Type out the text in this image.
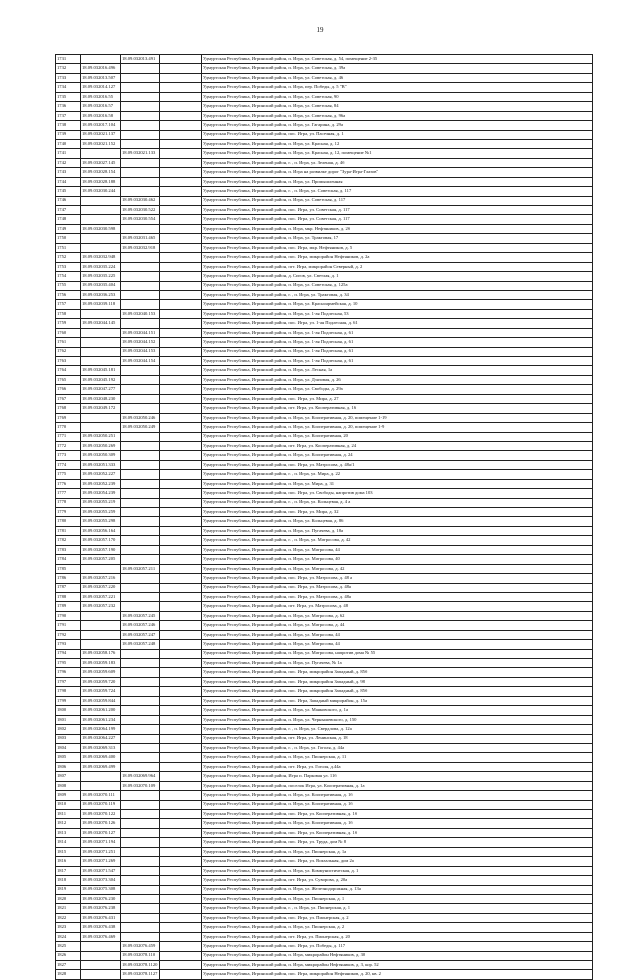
19
1731		18.09.032013.491		Удмуртская Республика, Игринский район, п. Игра, ул. Советская, д. 54, помещение 2-35
1732	18.09.032016.496			Удмуртская Республика, Игринский район, п. Игра, ул. Советская, д. 39а
1733	18.09.032013.507			Удмуртская Республика, Игринский район, п. Игра, ул. Советская, д. 46
1734	18.09.032014.127			Удмуртская Республика, Игринский район, п. Игра, пер. Победы, д. 5 "В"
1735	18.09.032016.55			Удмуртская Республика, Игринский район, п. Игра, ул. Советская, 90
1736	18.09.032016.57			Удмуртская Республика, Игринский район, п. Игра, ул. Советская, 84
1737	18.09.032016.58			Удмуртская Республика, Игринский район, п. Игра, ул. Советская, д. 96а
1738	18.09.032017.104			Удмуртская Республика, Игринский район, п. Игра, ул. Гагарина, д. 29а
1739	18.09.032021.137			Удмуртская Республика, Игринский район, пос. Игра, ул. Пасечная, д. 1
1740	18.09.032021.152			Удмуртская Республика, Игринский район, п. Игра, ул. Красная, д. 12
1741		18.09.032021.133		Удмуртская Республика, Игринский район, п. Игра, ул. Красная, д. 12, помещение №1
1742	18.09.032027.145			Удмуртская Республика, Игринский район, г. , п. Игра, ул. Зеленая, д. 4б
1743	18.09.032028.154			Удмуртская Республика, Игринский район, п. Игра на развилке дорог "Зура-Игра-Глазов"
1744	18.09.032028.188			Удмуртская Республика, Игринский район, п. Игра, ул. Промышленная
1745	18.09.032030.244			Удмуртская Республика, Игринский район, г. , п. Игра, ул. Советская, д. 117
1746		18.09.032030.462		Удмуртская Республика, Игринский район, п. Игра, ул. Советская, д. 117
1747		18.09.032030.522		Удмуртская Республика, Игринский район, пос. Игра, ул. Советская, д. 117
1748		18.09.032030.554		Удмуртская Республика, Игринский район, пос. Игра, ул. Советская, д. 117
1749	18.09.032030.598			Удмуртская Республика, Игринский район, п. Игра, мкр. Нефтяников, д. 2б
1750		18.09.032031.465		Удмуртская Республика, Игринский район, п. Игра, ул. Трактовая, 17
1751		18.09.032032.918		Удмуртская Республика, Игринский район, пос. Игра, мкр. Нефтяников, д. 5
1752	18.09.032032.948			Удмуртская Республика, Игринский район, пос. Игра, микрорайон Нефтяников, д. 2а
1753	18.09.032035.224			Удмуртская Республика, Игринский район, пгт. Игра, микрорайон Северный, д. 2
1754	18.09.032035.225			Удмуртская Республика, Игринский район, д. Сигов, ул. Светлая, д. 1
1755	18.09.032035.404			Удмуртская Республика, Игринский район, п. Игра, ул. Советская, д. 125а
1756	18.09.032036.253			Удмуртская Республика, Игринский район, г. , п. Игра, ул. Трактовая, д. 34
1757	18.09.032039.118			Удмуртская Республика, Игринский район, п. Игра, ул. Красноармейская, д. 10
1758		18.09.032040.153		Удмуртская Республика, Игринский район, п. Игра, ул. 1-ая Подлесная, 53
1759	18.09.032044.145			Удмуртская Республика, Игринский район, пос. Игра, ул. 1-ая Подлесная, д. 61
1760		18.09.032044.151		Удмуртская Республика, Игринский район, п. Игра, ул. 1-ая Подлесная, д. 61
1761		18.09.032044.152		Удмуртская Республика, Игринский район, п. Игра, ул. 1-ая Подлесная, д. 61
1762		18.09.032044.153		Удмуртская Республика, Игринский район, п. Игра, ул. 1-ая Подлесная, д. 61
1763		18.09.032044.154		Удмуртская Республика, Игринский район, п. Игра, ул. 1-ая Подлесная, д. 61
1764	18.09.032045.181			Удмуртская Республика, Игринский район, п. Игра, ул. Лесная, 1а
1765	18.09.032045.192			Удмуртская Республика, Игринский район, п. Игра, ул. Дзязовая, д. 26
1766	18.09.032047.277			Удмуртская Республика, Игринский район, п. Игра, ул. Свободы, д. 29а
1767	18.09.032048.230			Удмуртская Республика, Игринский район, пос. Игра, ул. Мира, д. 27
1768	18.09.032049.172			Удмуртская Республика, Игринский район, пгт. Игра, ул. Кооперативная, д. 16
1769		18.09.032050.246		Удмуртская Республика, Игринский район, п. Игра, ул. Кооперативная, д. 20, помещение 1-19
1770		18.09.032050.249		Удмуртская Республика, Игринский район, п. Игра, ул. Кооперативная, д. 20, помещение 1-9
1771	18.09.032050.251			Удмуртская Республика, Игринский район, п. Игра, ул. Кооперативная, 20
1772	18.09.032050.269			Удмуртская Республика, Игринский район, пгт. Игра, ул. Кооперативная, д. 24
1773	18.09.032050.309			Удмуртская Республика, Игринский район, п. Игра, ул. Кооперативная, д. 24
1774	18.09.032051.333			Удмуртская Республика, Игринский район, пос. Игра, ул. Матросова, д. 48а/1
1775	18.09.032052.227			Удмуртская Республика, Игринский район, г. , п. Игра, ул. Мира, д. 22
1776	18.09.032052.239			Удмуртская Республика, Игринский район, п. Игра, ул. Мира, д. 31
1777	18.09.032054.239			Удмуртская Республика, Игринский район, пос. Игра, ул. Свободы, напротив дома 103
1778	18.09.032055.219			Удмуртская Республика, Игринский район, г. , п. Игра, ул. Кольцевая, д. 4 а
1779	18.09.032055.259			Удмуртская Республика, Игринский район, пос. Игра, ул. Мира, д. 32
1780	18.09.032055.298			Удмуртская Республика, Игринский район, п. Игра, ул. Кольцевая, д. 86
1781	18.09.032056.164			Удмуртская Республика, Игринский район, п. Игра, ул. Пугачева, д. 18а
1782	18.09.032057.170			Удмуртская Республика, Игринский район, г. , п. Игра, ул. Матросова, д. 42
1783	18.09.032057.190			Удмуртская Республика, Игринский район, п. Игра, ул. Матросова, 44
1784	18.09.032057.205			Удмуртская Республика, Игринский район, п. Игра, ул. Матросова, 40
1785		18.09.032057.211		Удмуртская Республика, Игринский район, п. Игра, ул. Матросова, д. 42
1786	18.09.032057.216			Удмуртская Республика, Игринский район, пос. Игра, ул. Матросова, д. 48 а
1787	18.09.032057.220			Удмуртская Республика, Игринский район, пос. Игра, ул. Матросова, д. 48а
1788	18.09.032057.221			Удмуртская Республика, Игринский район, пос. Игра, ул. Матросова, д. 48а
1789	18.09.032057.232			Удмуртская Республика, Игринский район, пгт. Игра, ул. Матросова, д. 48
1790		18.09.032057.245		Удмуртская Республика, Игринский район, п. Игра, ул. Матросова, д. 62
1791		18.09.032057.246		Удмуртская Республика, Игринский район, п. Игра, ул. Матросова, д. 44
1792		18.09.032057.247		Удмуртская Республика, Игринский район, п. Игра, ул. Матросова, 44
1793		18.09.032057.248		Удмуртская Республика, Игринский район, п. Игра, ул. Матросова, 44
1794	18.09.032058.176			Удмуртская Республика, Игринский район, п. Игра, ул. Матросова, напротив дома № 55
1795	18.09.032059.183			Удмуртская Республика, Игринский район, п. Игра, ул. Пугачева, № 1а
1796	18.09.032059.609			Удмуртская Республика, Игринский район, пос. Игра, микрорайон Западный, д. 85б
1797	18.09.032059.720			Удмуртская Республика, Игринский район, пос. Игра, микрорайон Западный, д. 98
1798	18.09.032059.724			Удмуртская Республика, Игринский район, пос. Игра, микрорайон Западный, д. 85б
1799	18.09.032059.844			Удмуртская Республика, Игринский район, пос. Игра, Западный микрорайон, д. 15а
1800	18.09.032061.200			Удмуртская Республика, Игринский район, п. Игра, ул. Маяковского, д. 1а
1801	18.09.032061.234			Удмуртская Республика, Игринский район, п. Игра, ул. Чернышевского, д. 150
1802	18.09.032064.199			Удмуртская Республика, Игринский район, г. , п. Игра, ул. Свердлова, д. 12а
1803	18.09.032064.227			Удмуртская Республика, Игринский район, пгт. Игра, ул. Ленинская, д. 18
1804	18.09.032069.313			Удмуртская Республика, Игринский район, г. , п. Игра, ул. Гоголя, д. 44а
1805	18.09.032069.400			Удмуртская Республика, Игринский район, п. Игра, ул. Пионерская, д. 11
1806	18.09.032069.499			Удмуртская Республика, Игринский район, пгт. Игра, ул. Гоголя, д.44а
1807		18.09.032069.964		Удмуртская Республика, Игринский район, Игра п. Парковая ул. 11б
1808		18.09.032070.109		Удмуртская Республика, Игринский район, поселок Игра, ул. Кооперативная, д. 1а
1809	18.09.032070.111			Удмуртская Республика, Игринский район, п. Игра, ул. Кооперативная, д. 1б
1810	18.09.032070.119			Удмуртская Республика, Игринский район, п. Игра, ул. Кооперативная, д. 1б
1811	18.09.032070.122			Удмуртская Республика, Игринский район, пос. Игра, ул. Кооперативная, д. 1б
1812	18.09.032070.126			Удмуртская Республика, Игринский район, п. Игра, ул. Кооперативная, д. 1б
1813	18.09.032070.127			Удмуртская Республика, Игринский район, пос. Игра, ул. Кооперативная, д. 1б
1814	18.09.032071.194			Удмуртская Республика, Игринский район, пос. Игра, ул. Труда, дом № 8
1815	18.09.032071.251			Удмуртская Республика, Игринский район, п. Игра, ул. Пионерская, д. 1а
1816	18.09.032071.269			Удмуртская Республика, Игринский район, пос. Игра, ул. Вокзальная, дом 2а
1817	18.09.032071.547			Удмуртская Республика, Игринский район, п. Игра, ул. Коммунистическая, д. 1
1818	18.09.032073.304			Удмуртская Республика, Игринский район, пгт. Игра, ул. Суворова, д. 20а
1819	18.09.032075.308			Удмуртская Республика, Игринский район, п. Игра, ул. Железнодорожная, д. 13а
1820	18.09.032076.230			Удмуртская Республика, Игринский район, п. Игра, ул. Пионерская, д. 1
1821	18.09.032076.238			Удмуртская Республика, Игринский район, г. , п. Игра, ул. Пионерская, д. 1
1822	18.09.032076.431			Удмуртская Республика, Игринский район, пос. Игра, ул. Пионерская, д. 2
1823	18.09.032076.438			Удмуртская Республика, Игринский район, п. Игра, ул. Пионерская, д. 2
1824	18.09.032076.469			Удмуртская Республика, Игринский район, пгт. Игра, ул. Пионерская, д. 20
1825		18.09.032076.459		Удмуртская Республика, Игринский район, пос. Игра, ул. Победы, д. 117
1826		18.09.032078.110		Удмуртская Республика, Игринский район, п. Игра, микрорайон Нефтяников, д. 30
1827		18.09.032078.1120		Удмуртская Республика, Игринский район, п. Игра, микрорайон Нефтяников, д. 3, кор. 52
1828		18.09.032078.1127		Удмуртская Республика, Игринский район, пос. Игра, микрорайон Нефтяников, д. 20, кв. 2
